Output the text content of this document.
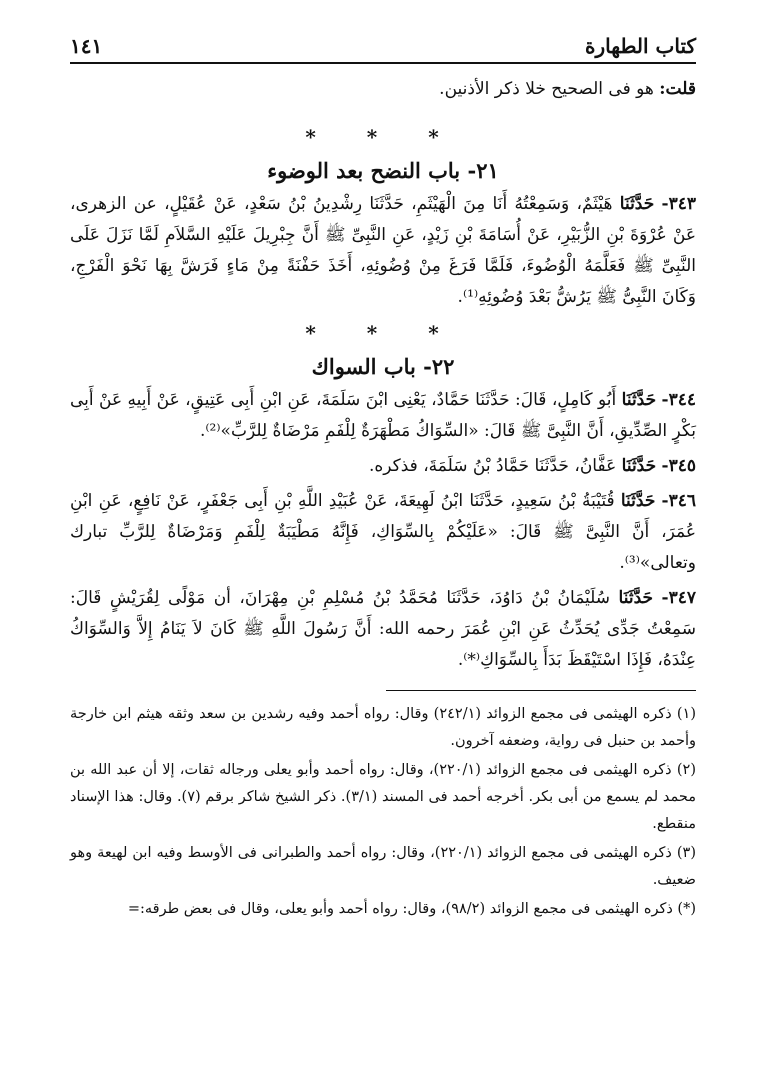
كتاب الطهارة
١٤١

قلت: هو فى الصحيح خلا ذكر الأذنين.

* * *
٢١- باب النضح بعد الوضوء

٣٤٣- حَدَّثَنَا هَيْثَمٌ، وَسَمِعْتُهُ أَنَا مِنَ الْهَيْثَمِ، حَدَّثَنَا رِشْدِينُ بْنُ سَعْدٍ، عَنْ عُقَيْلٍ، عن الزهرى، عَنْ عُرْوَةَ بْنِ الزُّبَيْرِ، عَنْ أُسَامَةَ بْنِ زَيْدٍ، عَنِ النَّبِىِّ ﷺ أَنَّ جِبْرِيلَ عَلَيْهِ السَّلاَمِ لَمَّا نَزَلَ عَلَى النَّبِىِّ ﷺ فَعَلَّمَهُ الْوُضُوءَ، فَلَمَّا فَرَغَ مِنْ وُضُوئِهِ، أَخَذَ حَفْنَةً مِنْ مَاءٍ فَرَشَّ بِهَا نَحْوَ الْفَرْجِ، وَكَانَ النَّبِىُّ ﷺ يَرُشُّ بَعْدَ وُضُوئِهِ⁽¹⁾.

* * *
٢٢- باب السواك

٣٤٤- حَدَّثَنَا أَبُو كَامِلٍ، قَالَ: حَدَّثَنَا حَمَّادٌ، يَعْنِى ابْنَ سَلَمَةَ، عَنِ ابْنِ أَبِى عَتِيقٍ، عَنْ أَبِيهِ عَنْ أَبِى بَكْرٍ الصِّدِّيقِ، أَنَّ النَّبِىَّ ﷺ قَالَ: «السِّوَاكُ مَطْهَرَةٌ لِلْفَمِ مَرْضَاةٌ لِلرَّبِّ»⁽²⁾.

٣٤٥- حَدَّثَنَا عَفَّانُ، حَدَّثَنَا حَمَّادُ بْنُ سَلَمَةَ، فذكره.

٣٤٦- حَدَّثَنَا قُتَيْبَةُ بْنُ سَعِيدٍ، حَدَّثَنَا ابْنُ لَهِيعَةَ، عَنْ عُبَيْدِ اللَّهِ بْنِ أَبِى جَعْفَرٍ، عَنْ نَافِعٍ، عَنِ ابْنِ عُمَرَ، أَنَّ النَّبِىَّ ﷺ قَالَ: «عَلَيْكُمْ بِالسِّوَاكِ، فَإِنَّهُ مَطْيَبَةٌ لِلْفَمِ وَمَرْضَاةٌ لِلرَّبِّ تبارك وتعالى»⁽³⁾.

٣٤٧- حَدَّثَنَا سُلَيْمَانُ بْنُ دَاوُدَ، حَدَّثَنَا مُحَمَّدُ بْنُ مُسْلِمِ بْنِ مِهْرَانَ، أن مَوْلًى لِقُرَيْشٍ قَالَ: سَمِعْتُ جَدِّى يُحَدِّثُ عَنِ ابْنِ عُمَرَ رحمه الله: أَنَّ رَسُولَ اللَّهِ ﷺ كَانَ لاَ يَنَامُ إِلاَّ وَالسِّوَاكُ عِنْدَهُ، فَإِذَا اسْتَيْقَظَ بَدَأَ بِالسِّوَاكِ⁽*⁾.

(١) ذكره الهيثمى فى مجمع الزوائد (٢٤٢/١) وقال: رواه أحمد وفيه رشدين بن سعد وثقه هيثم ابن خارجة وأحمد بن حنبل فى رواية، وضعفه آخرون.

(٢) ذكره الهيثمى فى مجمع الزوائد (٢٢٠/١)، وقال: رواه أحمد وأبو يعلى ورجاله ثقات، إلا أن عبد الله بن محمد لم يسمع من أبى بكر. أخرجه أحمد فى المسند (٣/١). ذكر الشيخ شاكر برقم (٧). وقال: هذا الإسناد منقطع.

(٣) ذكره الهيثمى فى مجمع الزوائد (٢٢٠/١)، وقال: رواه أحمد والطبرانى فى الأوسط وفيه ابن لهيعة وهو ضعيف.

(*) ذكره الهيثمى فى مجمع الزوائد (٩٨/٢)، وقال: رواه أحمد وأبو يعلى، وقال فى بعض طرقه:=
